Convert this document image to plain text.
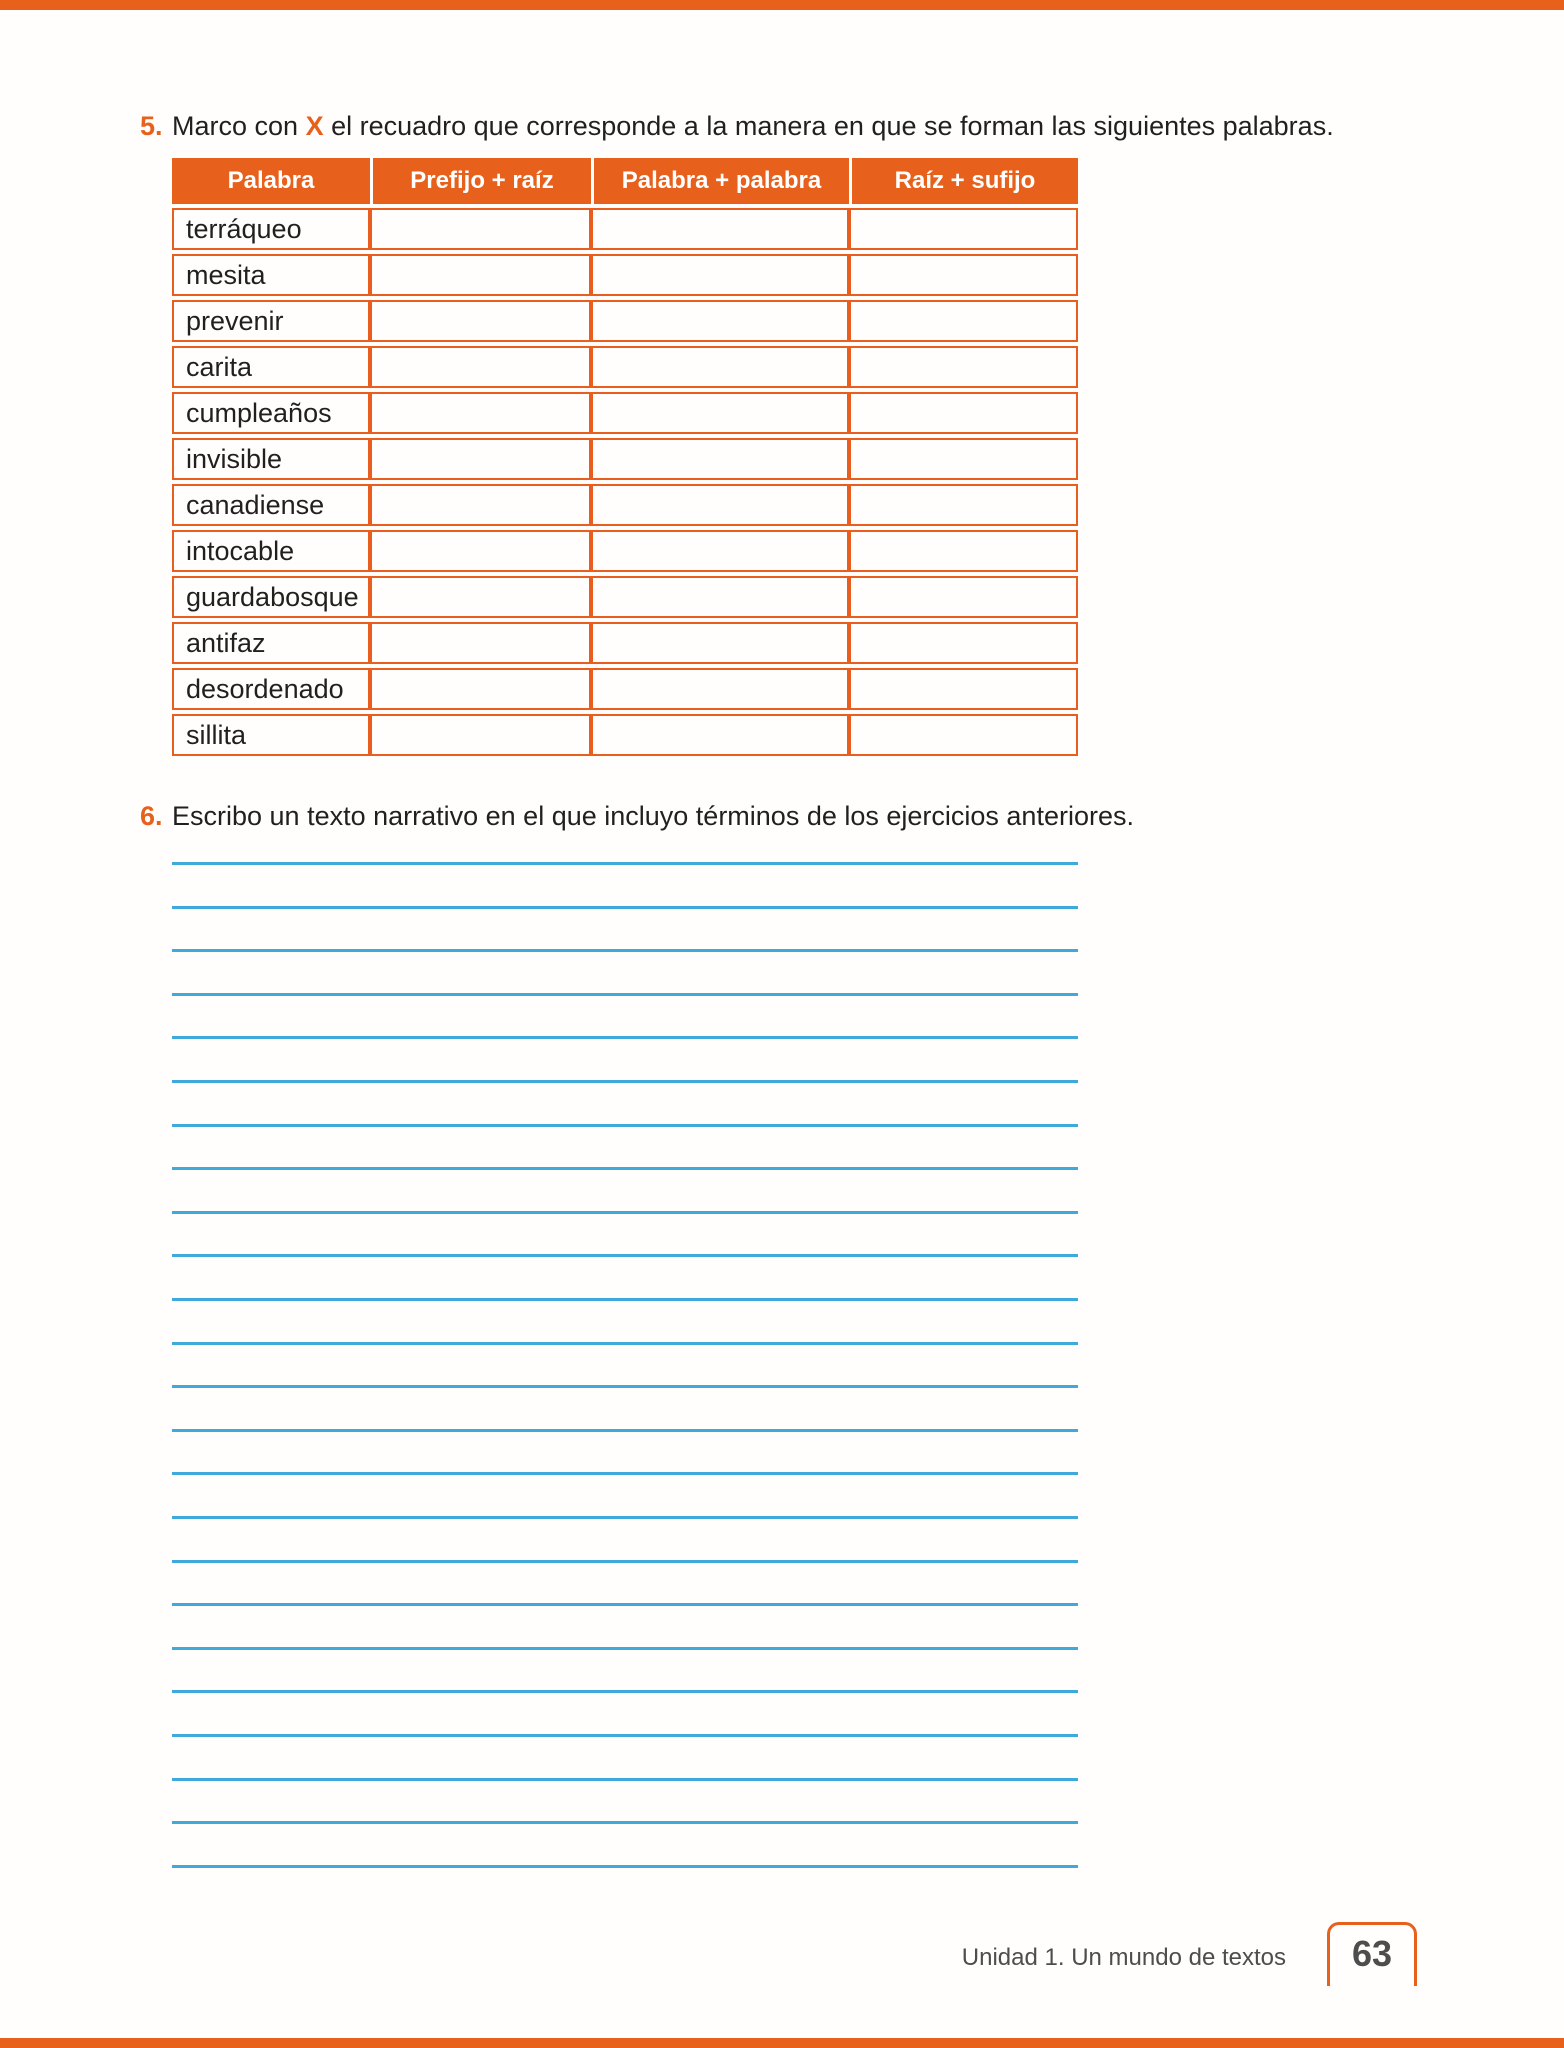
5. Marco con X el recuadro que corresponde a la manera en que se forman las siguientes palabras.
Palabra	Prefijo + raíz	Palabra + palabra	Raíz + sufijo
terráqueo			
mesita			
prevenir			
carita			
cumpleaños			
invisible			
canadiense			
intocable			
guardabosque			
antifaz			
desordenado			
sillita			
6. Escribo un texto narrativo en el que incluyo términos de los ejercicios anteriores.
Unidad 1. Un mundo de textos 63
